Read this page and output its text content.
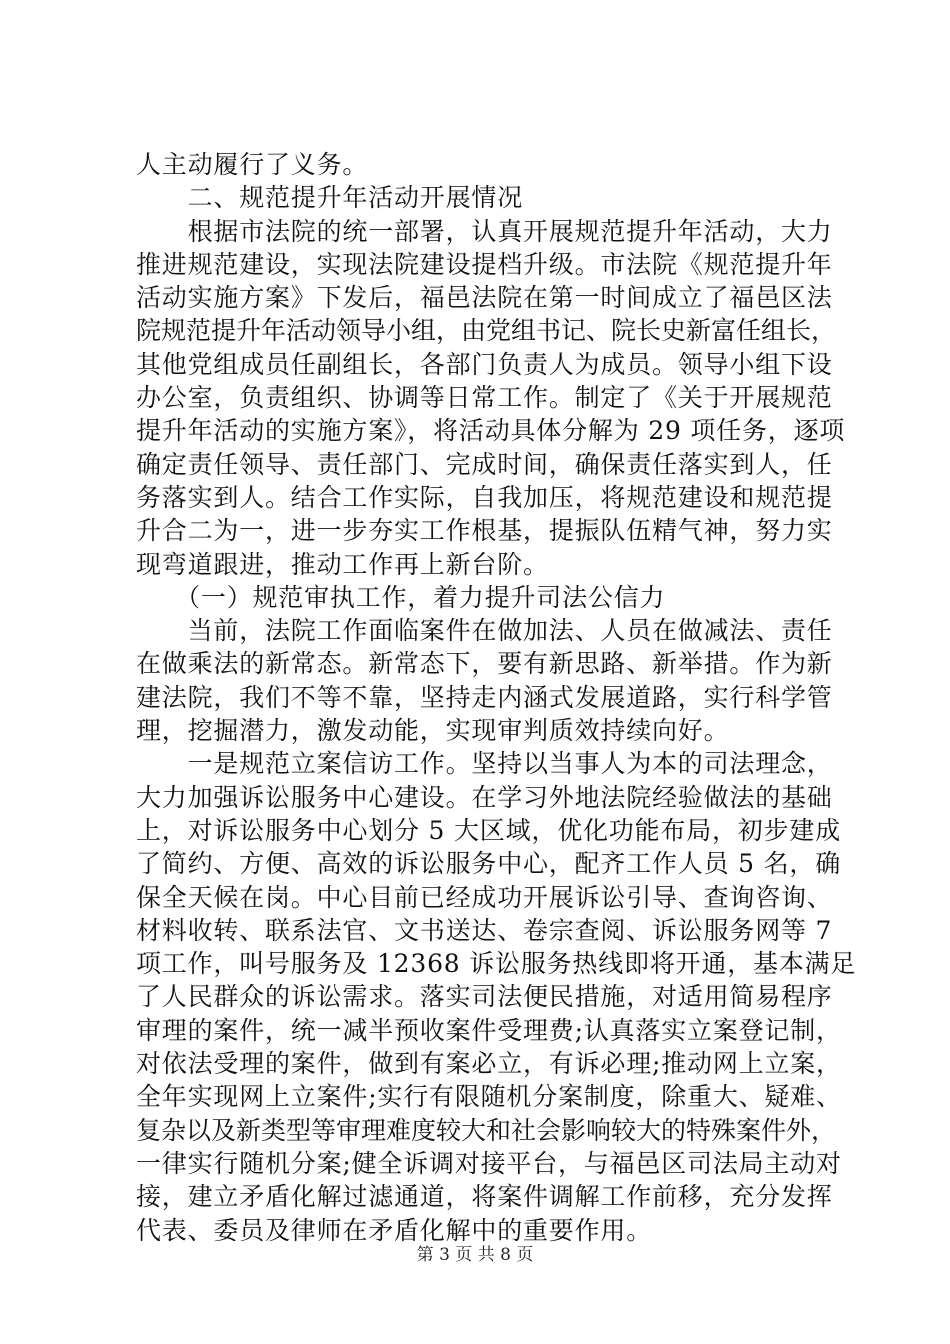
人主动履行了义务。
　　二、规范提升年活动开展情况
　　根据市法院的统一部署，认真开展规范提升年活动，大力
推进规范建设，实现法院建设提档升级。市法院《规范提升年
活动实施方案》下发后，福邑法院在第一时间成立了福邑区法
院规范提升年活动领导小组，由党组书记、院长史新富任组长，
其他党组成员任副组长，各部门负责人为成员。领导小组下设
办公室，负责组织、协调等日常工作。制定了《关于开展规范
提升年活动的实施方案》，将活动具体分解为 29 项任务，逐项
确定责任领导、责任部门、完成时间，确保责任落实到人，任
务落实到人。结合工作实际，自我加压，将规范建设和规范提
升合二为一，进一步夯实工作根基，提振队伍精气神，努力实
现弯道跟进，推动工作再上新台阶。
　　（一）规范审执工作，着力提升司法公信力
　　当前，法院工作面临案件在做加法、人员在做减法、责任
在做乘法的新常态。新常态下，要有新思路、新举措。作为新
建法院，我们不等不靠，坚持走内涵式发展道路，实行科学管
理，挖掘潜力，激发动能，实现审判质效持续向好。
　　一是规范立案信访工作。坚持以当事人为本的司法理念，
大力加强诉讼服务中心建设。在学习外地法院经验做法的基础
上，对诉讼服务中心划分 5 大区域，优化功能布局，初步建成
了简约、方便、高效的诉讼服务中心，配齐工作人员 5 名，确
保全天候在岗。中心目前已经成功开展诉讼引导、查询咨询、
材料收转、联系法官、文书送达、卷宗查阅、诉讼服务网等 7
项工作，叫号服务及 12368 诉讼服务热线即将开通，基本满足
了人民群众的诉讼需求。落实司法便民措施，对适用简易程序
审理的案件，统一减半预收案件受理费;认真落实立案登记制，
对依法受理的案件，做到有案必立，有诉必理;推动网上立案，
全年实现网上立案件;实行有限随机分案制度，除重大、疑难、
复杂以及新类型等审理难度较大和社会影响较大的特殊案件外，
一律实行随机分案;健全诉调对接平台，与福邑区司法局主动对
接，建立矛盾化解过滤通道，将案件调解工作前移，充分发挥
代表、委员及律师在矛盾化解中的重要作用。
第 3 页 共 8 页
